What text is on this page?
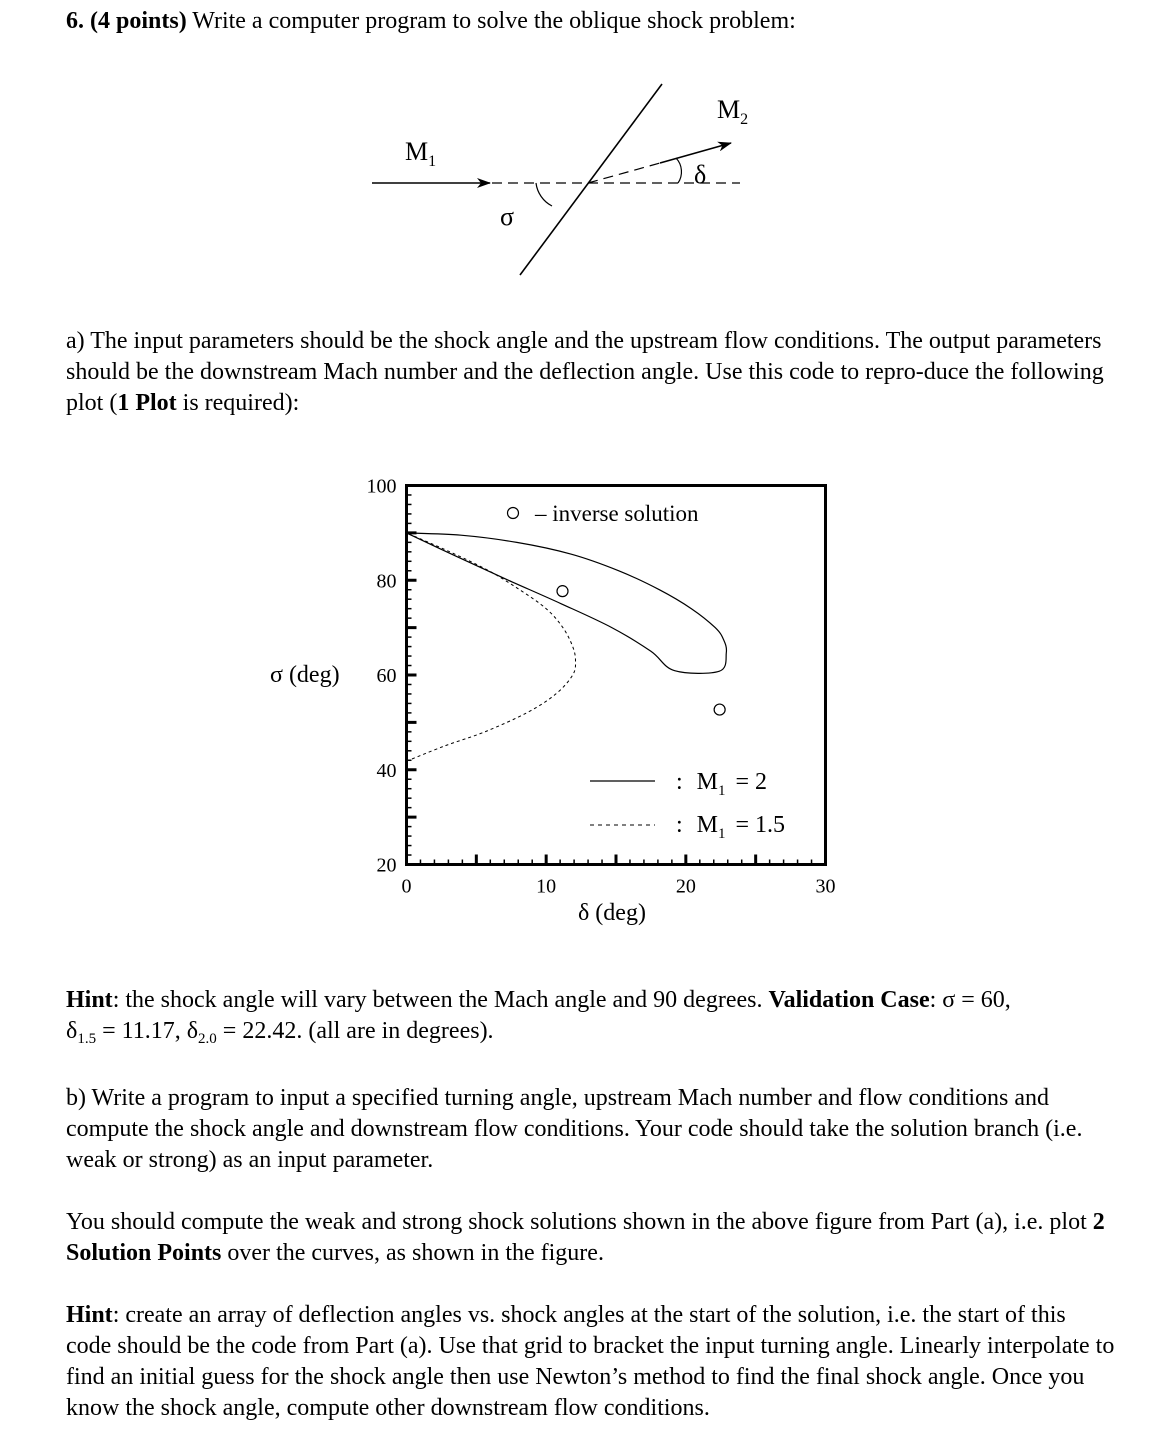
6. (4 points) Write a computer program to solve the oblique shock problem:

$M_1$
$M_2$
σ
δ

a) The input parameters should be the shock angle and the upstream flow conditions. The output parameters should be the downstream Mach number and the deflection angle. Use this code to repro-duce the following plot (1 Plot is required):

0	10	20	30
20
40
60
80
100
σ (deg)
δ (deg)
– inverse solution
: $M_1 = 2$
: $M_1 = 1.5$

Hint: the shock angle will vary between the Mach angle and 90 degrees. Validation Case: σ = 60,
$\delta_{1.5} = 11.17$, $\delta_{2.0} = 22.42$. (all are in degrees).

b) Write a program to input a specified turning angle, upstream Mach number and flow conditions and compute the shock angle and downstream flow conditions. Your code should take the solution branch (i.e. weak or strong) as an input parameter.

You should compute the weak and strong shock solutions shown in the above figure from Part (a), i.e. plot 2 Solution Points over the curves, as shown in the figure.

Hint: create an array of deflection angles vs. shock angles at the start of the solution, i.e. the start of this code should be the code from Part (a). Use that grid to bracket the input turning angle. Linearly interpolate to find an initial guess for the shock angle then use Newton’s method to find the final shock angle. Once you know the shock angle, compute other downstream flow conditions.
